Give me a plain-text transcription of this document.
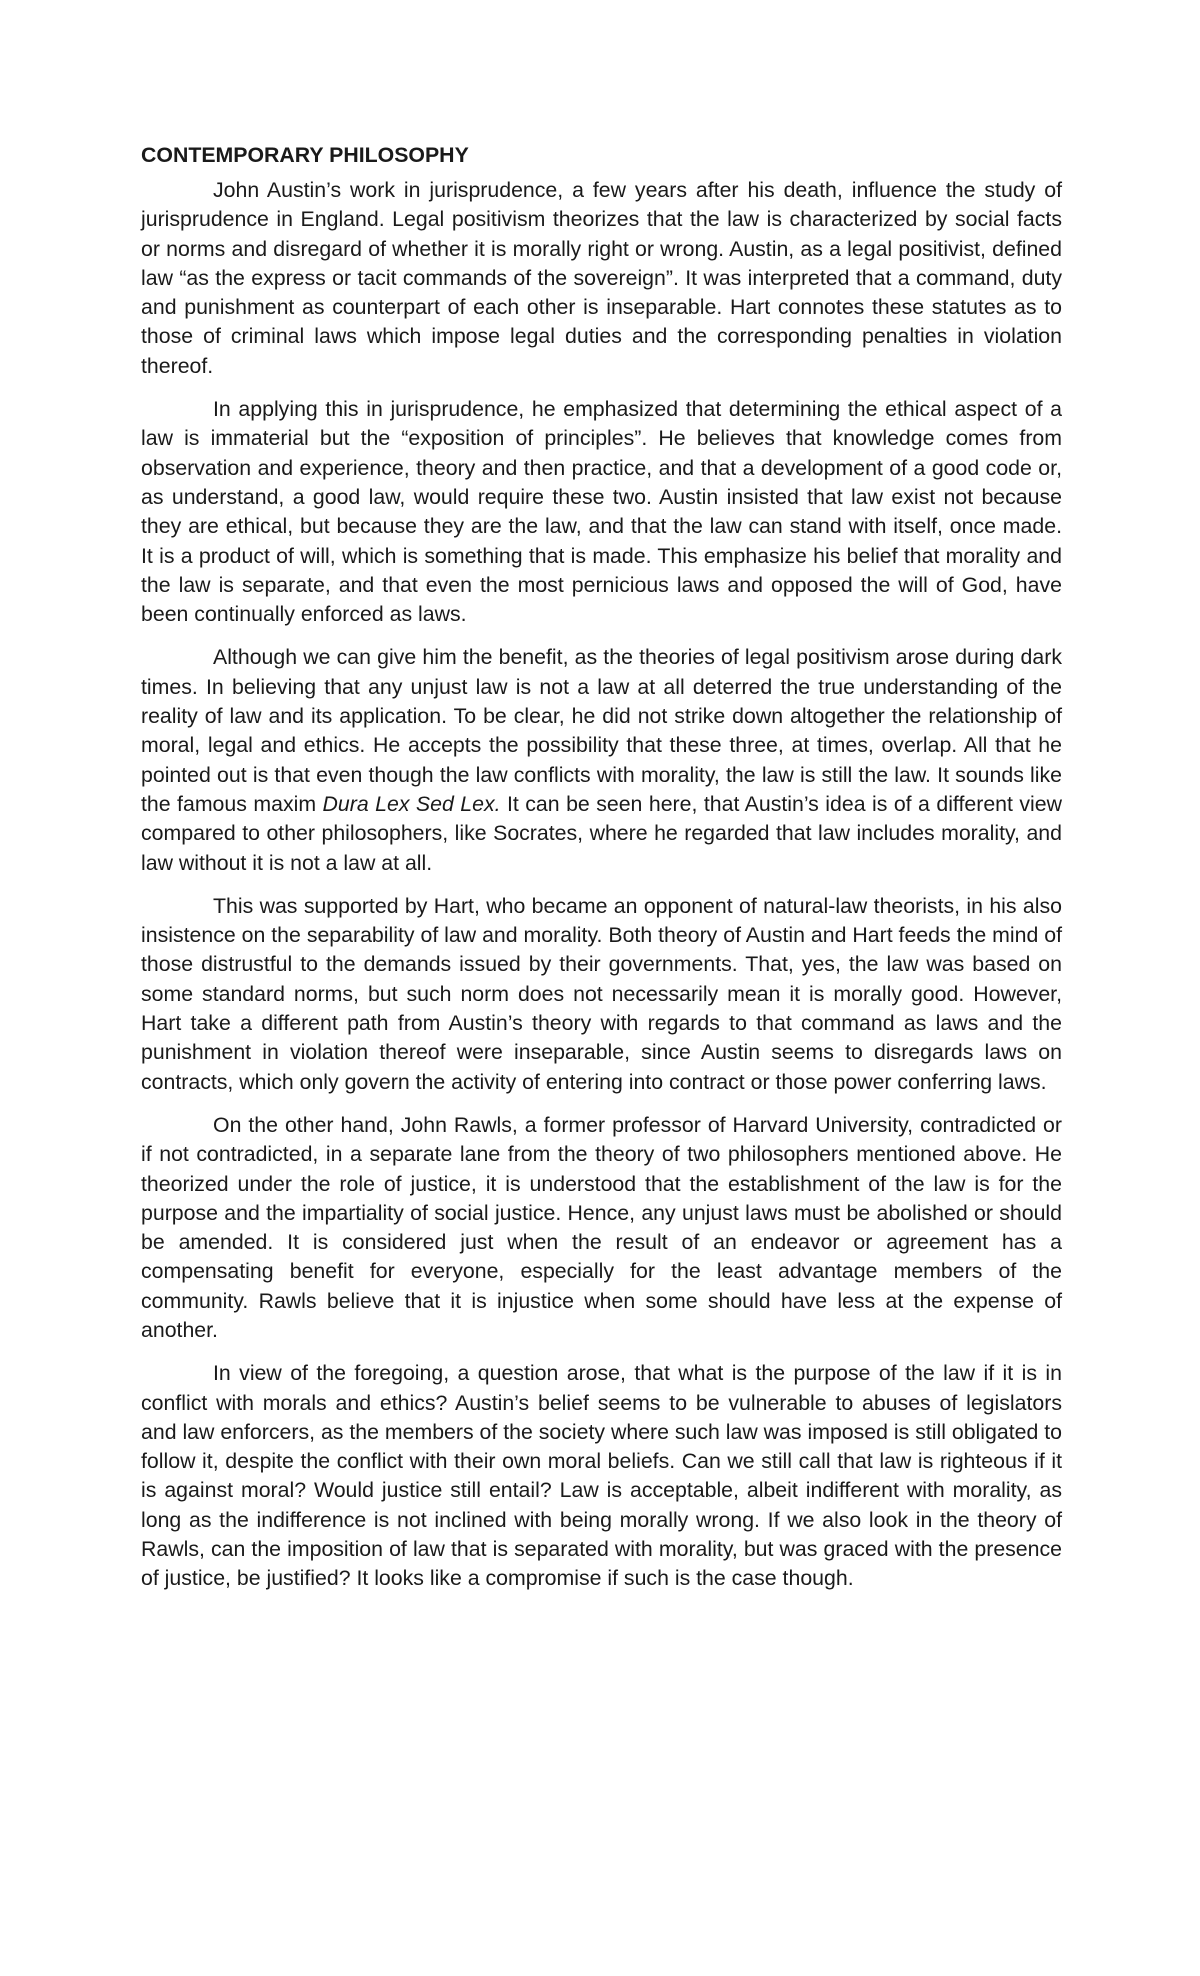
CONTEMPORARY PHILOSOPHY

John Austin’s work in jurisprudence, a few years after his death, influence the study of jurisprudence in England. Legal positivism theorizes that the law is characterized by social facts or norms and disregard of whether it is morally right or wrong. Austin, as a legal positivist, defined law “as the express or tacit commands of the sovereign”. It was interpreted that a command, duty and punishment as counterpart of each other is inseparable. Hart connotes these statutes as to those of criminal laws which impose legal duties and the corresponding penalties in violation thereof.

In applying this in jurisprudence, he emphasized that determining the ethical aspect of a law is immaterial but the “exposition of principles”. He believes that knowledge comes from observation and experience, theory and then practice, and that a development of a good code or, as understand, a good law, would require these two. Austin insisted that law exist not because they are ethical, but because they are the law, and that the law can stand with itself, once made. It is a product of will, which is something that is made. This emphasize his belief that morality and the law is separate, and that even the most pernicious laws and opposed the will of God, have been continually enforced as laws.

Although we can give him the benefit, as the theories of legal positivism arose during dark times. In believing that any unjust law is not a law at all deterred the true understanding of the reality of law and its application. To be clear, he did not strike down altogether the relationship of moral, legal and ethics. He accepts the possibility that these three, at times, overlap. All that he pointed out is that even though the law conflicts with morality, the law is still the law. It sounds like the famous maxim Dura Lex Sed Lex. It can be seen here, that Austin’s idea is of a different view compared to other philosophers, like Socrates, where he regarded that law includes morality, and law without it is not a law at all.

This was supported by Hart, who became an opponent of natural-law theorists, in his also insistence on the separability of law and morality. Both theory of Austin and Hart feeds the mind of those distrustful to the demands issued by their governments. That, yes, the law was based on some standard norms, but such norm does not necessarily mean it is morally good. However, Hart take a different path from Austin’s theory with regards to that command as laws and the punishment in violation thereof were inseparable, since Austin seems to disregards laws on contracts, which only govern the activity of entering into contract or those power conferring laws.

On the other hand, John Rawls, a former professor of Harvard University, contradicted or if not contradicted, in a separate lane from the theory of two philosophers mentioned above. He theorized under the role of justice, it is understood that the establishment of the law is for the purpose and the impartiality of social justice. Hence, any unjust laws must be abolished or should be amended. It is considered just when the result of an endeavor or agreement has a compensating benefit for everyone, especially for the least advantage members of the community. Rawls believe that it is injustice when some should have less at the expense of another.

In view of the foregoing, a question arose, that what is the purpose of the law if it is in conflict with morals and ethics? Austin’s belief seems to be vulnerable to abuses of legislators and law enforcers, as the members of the society where such law was imposed is still obligated to follow it, despite the conflict with their own moral beliefs. Can we still call that law is righteous if it is against moral? Would justice still entail? Law is acceptable, albeit indifferent with morality, as long as the indifference is not inclined with being morally wrong. If we also look in the theory of Rawls, can the imposition of law that is separated with morality, but was graced with the presence of justice, be justified? It looks like a compromise if such is the case though.
